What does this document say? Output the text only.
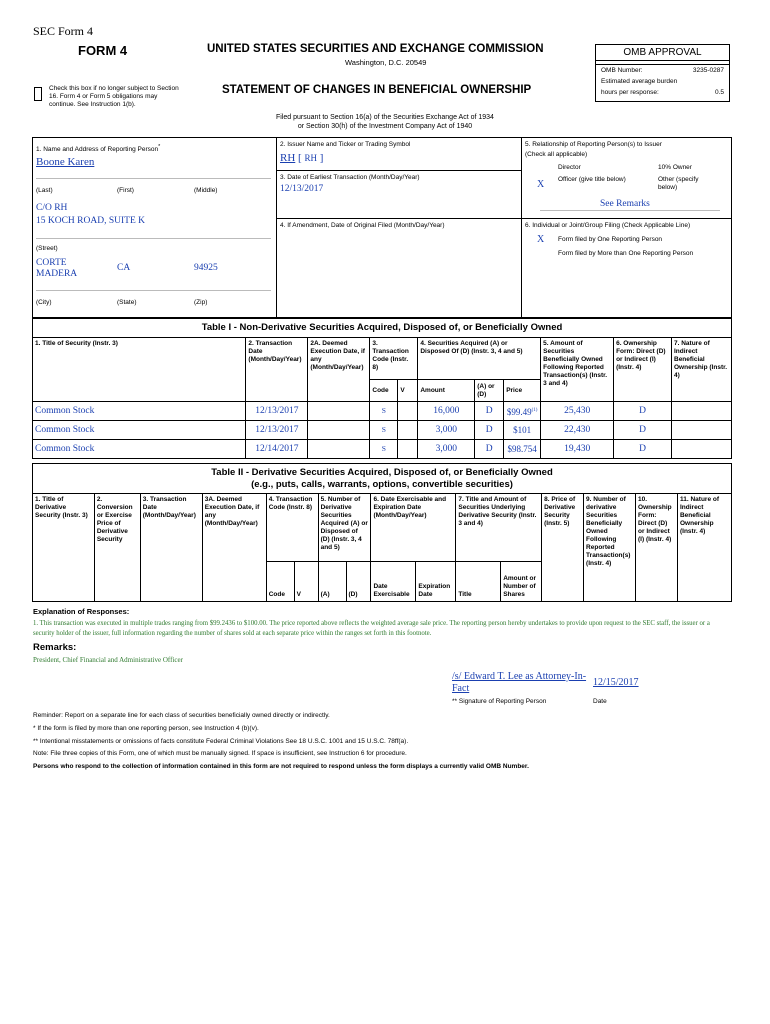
SEC Form 4
FORM 4	UNITED STATES SECURITIES AND EXCHANGE COMMISSION
Washington, D.C. 20549
Check this box if no longer subject to Section 16. Form 4 or Form 5 obligations may continue. See Instruction 1(b).
STATEMENT OF CHANGES IN BENEFICIAL OWNERSHIP
OMB APPROVAL
OMB Number:	3235-0287
Estimated average burden
hours per response:	0.5
Filed pursuant to Section 16(a) of the Securities Exchange Act of 1934
or Section 30(h) of the Investment Company Act of 1940
1. Name and Address of Reporting Person*
Boone Karen
(Last)	(First)	(Middle)
C/O RH
15 KOCH ROAD, SUITE K
(Street)
CORTE MADERA
CA	94925
(City)	(State)	(Zip)
2. Issuer Name and Ticker or Trading Symbol
RH [ RH ]
3. Date of Earliest Transaction (Month/Day/Year)
12/13/2017
4. If Amendment, Date of Original Filed (Month/Day/Year)
5. Relationship of Reporting Person(s) to Issuer
(Check all applicable)
Director	10% Owner
X Officer (give title below)	Other (specify below)
See Remarks
6. Individual or Joint/Group Filing (Check Applicable Line)
X Form filed by One Reporting Person
Form filed by More than One Reporting Person
Table I - Non-Derivative Securities Acquired, Disposed of, or Beneficially Owned
1. Title of Security (Instr. 3)	2. Transaction Date (Month/Day/Year)	2A. Deemed Execution Date, if any (Month/Day/Year)	3. Transaction Code (Instr. 8)		4. Securities Acquired (A) or Disposed Of (D) (Instr. 3, 4 and 5)			5. Amount of Securities Beneficially Owned Following Reported Transaction(s) (Instr. 3 and 4)	6. Ownership Form: Direct (D) or Indirect (I) (Instr. 4)	7. Nature of Indirect Beneficial Ownership (Instr. 4)
			Code	V	Amount	(A) or (D)	Price			
Common Stock	12/13/2017		S		16,000	D	$99.49$^{(1)}$	25,430	D	
Common Stock	12/13/2017		S		3,000	D	$101	22,430	D	
Common Stock	12/14/2017		S		3,000	D	$98.754	19,430	D	
Table II - Derivative Securities Acquired, Disposed of, or Beneficially Owned
(e.g., puts, calls, warrants, options, convertible securities)
1. Title of Derivative Security (Instr. 3)	2. Conversion or Exercise Price of Derivative Security	3. Transaction Date (Month/Day/Year)	3A. Deemed Execution Date, if any (Month/Day/Year)	4. Transaction Code (Instr. 8)		5. Number of Derivative Securities Acquired (A) or Disposed of (D) (Instr. 3, 4 and 5)		6. Date Exercisable and Expiration Date (Month/Day/Year)		7. Title and Amount of Securities Underlying Derivative Security (Instr. 3 and 4)		8. Price of Derivative Security (Instr. 5)	9. Number of derivative Securities Beneficially Owned Following Reported Transaction(s) (Instr. 4)	10. Ownership Form: Direct (D) or Indirect (I) (Instr. 4)	11. Nature of Indirect Beneficial Ownership (Instr. 4)
				Code	V	(A)	(D)	Date Exercisable	Expiration Date	Title	Amount or Number of Shares				
Explanation of Responses:
1. This transaction was executed in multiple trades ranging from $99.2436 to $100.00. The price reported above reflects the weighted average sale price. The reporting person hereby undertakes to provide upon request to the SEC staff, the issuer or a security holder of the issuer, full information regarding the number of shares sold at each separate price within the ranges set forth in this footnote.
Remarks:
President, Chief Financial and Administrative Officer
/s/ Edward T. Lee as Attorney-In-Fact
12/15/2017
** Signature of Reporting Person	Date
Reminder: Report on a separate line for each class of securities beneficially owned directly or indirectly.
* If the form is filed by more than one reporting person, see Instruction 4 (b)(v).
** Intentional misstatements or omissions of facts constitute Federal Criminal Violations See 18 U.S.C. 1001 and 15 U.S.C. 78ff(a).
Note: File three copies of this Form, one of which must be manually signed. If space is insufficient, see Instruction 6 for procedure.
Persons who respond to the collection of information contained in this form are not required to respond unless the form displays a currently valid OMB Number.
